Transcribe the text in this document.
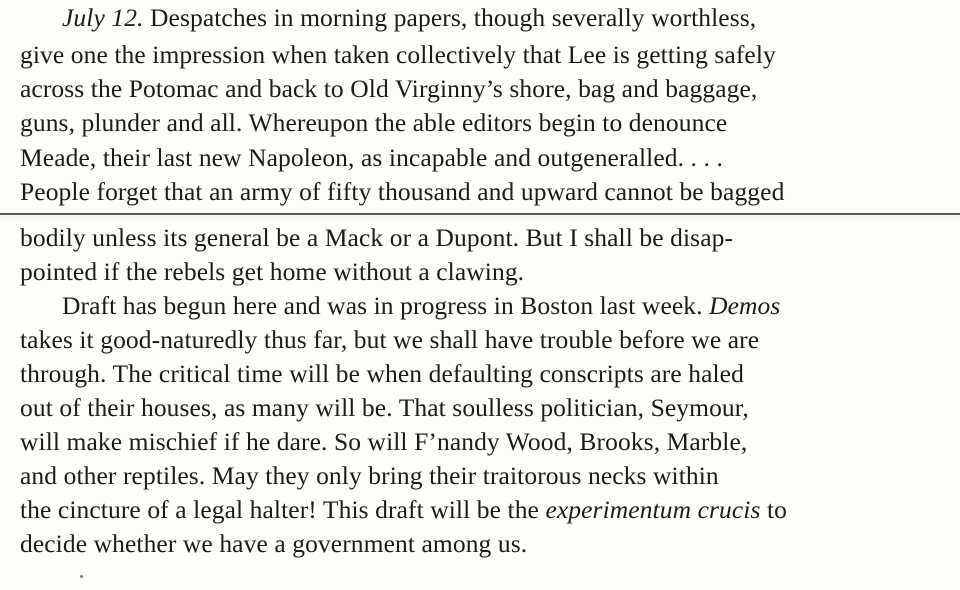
July 12. Despatches in morning papers, though severally worthless,
give one the impression when taken collectively that Lee is getting safely
across the Potomac and back to Old Virginny’s shore, bag and baggage,
guns, plunder and all. Whereupon the able editors begin to denounce
Meade, their last new Napoleon, as incapable and outgeneralled. . . .
People forget that an army of fifty thousand and upward cannot be bagged
bodily unless its general be a Mack or a Dupont. But I shall be disap-
pointed if the rebels get home without a clawing.
Draft has begun here and was in progress in Boston last week. Demos
takes it good-naturedly thus far, but we shall have trouble before we are
through. The critical time will be when defaulting conscripts are haled
out of their houses, as many will be. That soulless politician, Seymour,
will make mischief if he dare. So will F’nandy Wood, Brooks, Marble,
and other reptiles. May they only bring their traitorous necks within
the cincture of a legal halter! This draft will be the experimentum crucis to
decide whether we have a government among us.
